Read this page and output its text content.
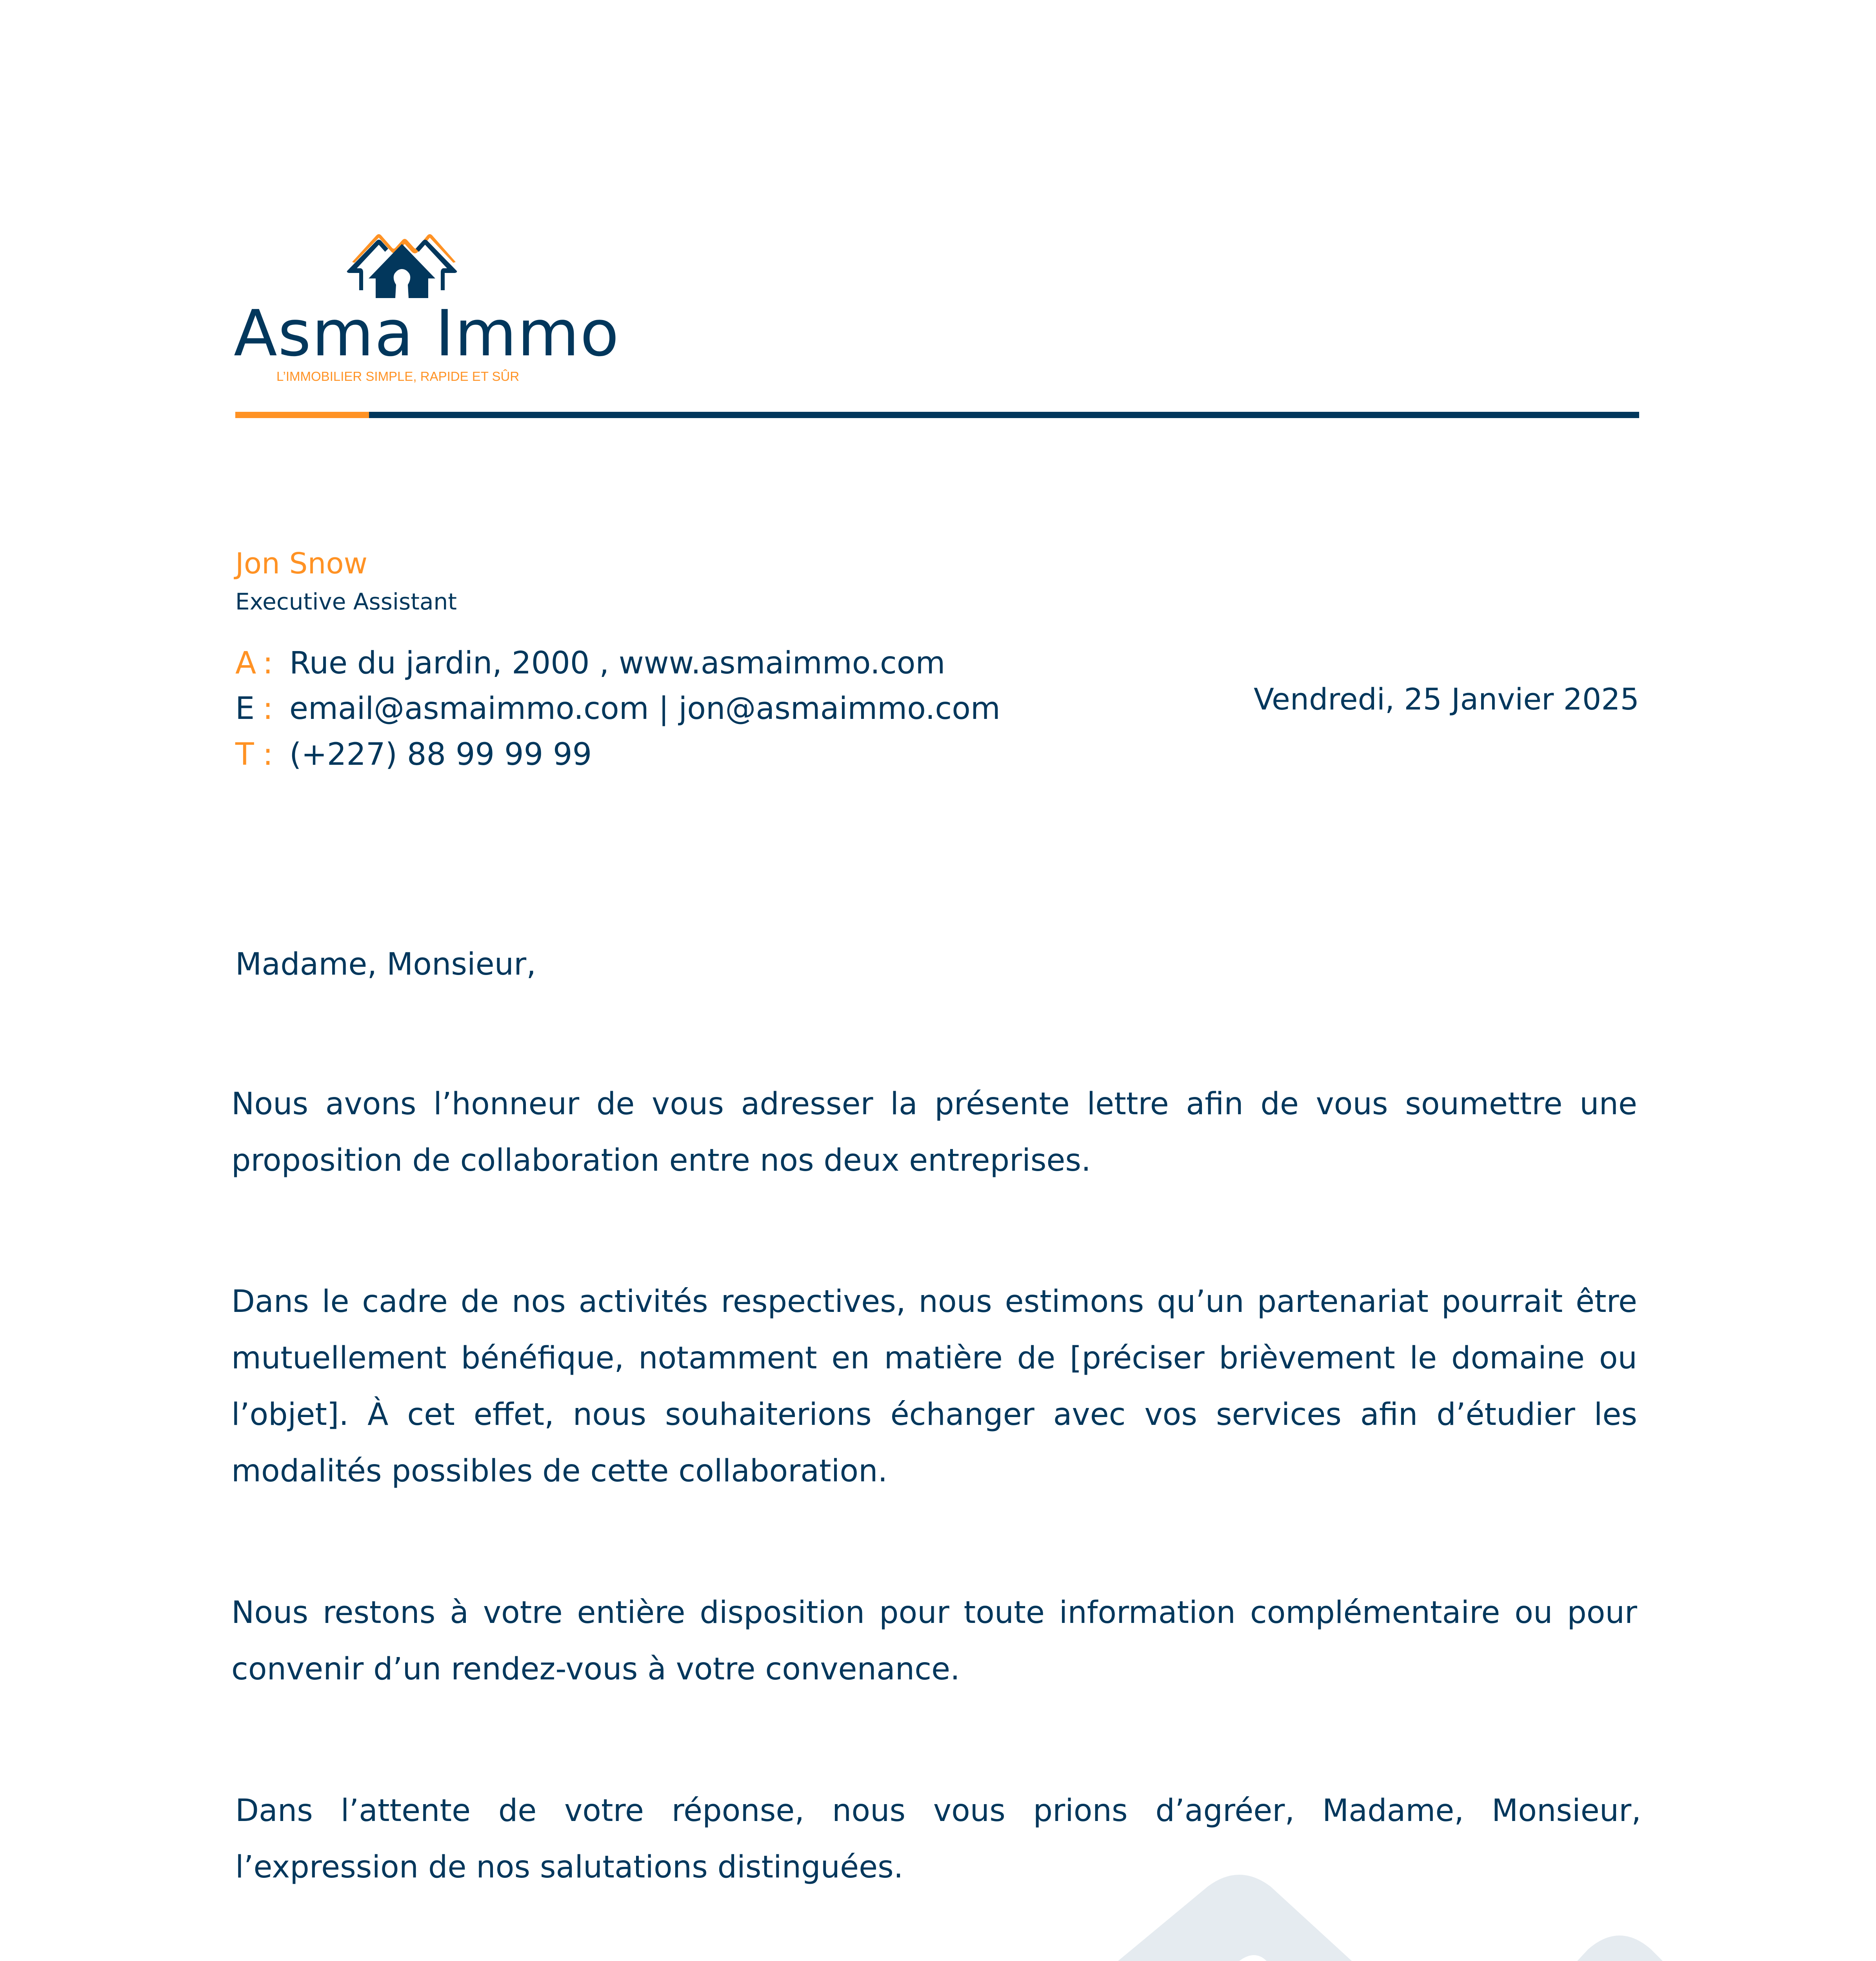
Asma Immo
L’IMMOBILIER SIMPLE, RAPIDE ET SÛR
Jon Snow
Executive Assistant
A : Rue du jardin, 2000 , www.asmaimmo.com
E : email@asmaimmo.com | jon@asmaimmo.com
T : (+227) 88 99 99 99
Vendredi, 25 Janvier 2025
Madame, Monsieur,

Nous avons l’honneur de vous adresser la présente lettre afin de vous soumettre une proposition de collaboration entre nos deux entreprises.

Dans le cadre de nos activités respectives, nous estimons qu’un partenariat pourrait être mutuellement bénéfique, notamment en matière de [préciser brièvement le domaine ou l’objet]. À cet effet, nous souhaiterions échanger avec vos services afin d’étudier les modalités possibles de cette collaboration.

Nous restons à votre entière disposition pour toute information complémentaire ou pour convenir d’un rendez-vous à votre convenance.

Dans l’attente de votre réponse, nous vous prions d’agréer, Madame, Monsieur, l’expression de nos salutations distinguées.
